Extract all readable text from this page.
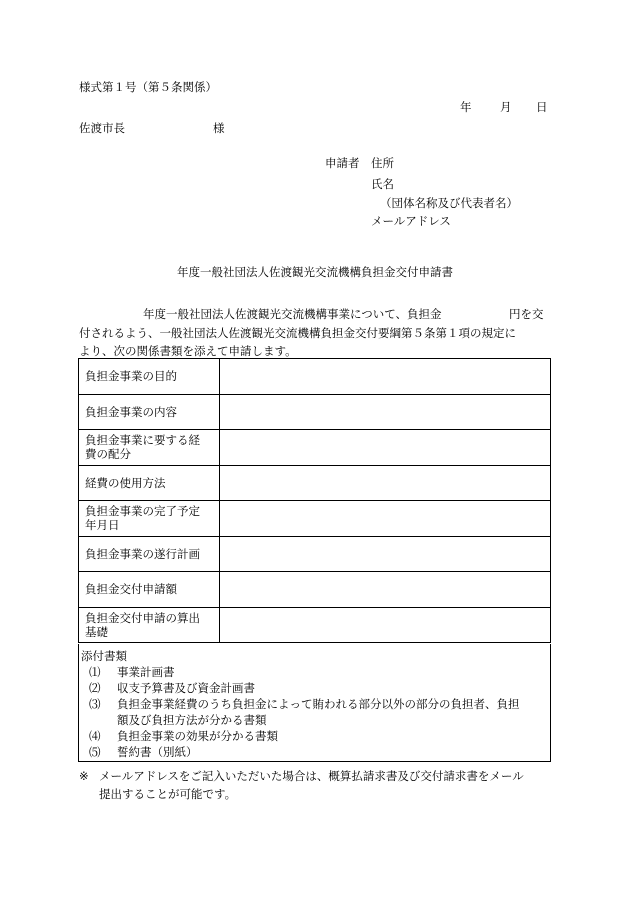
様式第１号（第５条関係）
年 月 日
佐渡市長	様
申請者 住所
氏名
（団体名称及び代表者名）
メールアドレス
年度一般社団法人佐渡観光交流機構負担金交付申請書
年度一般社団法人佐渡観光交流機構事業について、負担金	円を交
付されるよう、一般社団法人佐渡観光交流機構負担金交付要綱第５条第１項の規定に
より、次の関係書類を添えて申請します。
負担金事業の目的	
負担金事業の内容	
負担金事業に要する経
費の配分	
経費の使用方法	
負担金事業の完了予定
年月日	
負担金事業の遂行計画	
負担金交付申請額	
負担金交付申請の算出
基礎	
添付書類
⑴	事業計画書
⑵	収支予算書及び資金計画書
⑶	負担金事業経費のうち負担金によって賄われる部分以外の部分の負担者、負担
額及び負担方法が分かる書類
⑷	負担金事業の効果が分かる書類
⑸	誓約書（別紙）
※ メールアドレスをご記入いただいた場合は、概算払請求書及び交付請求書をメール
提出することが可能です。
